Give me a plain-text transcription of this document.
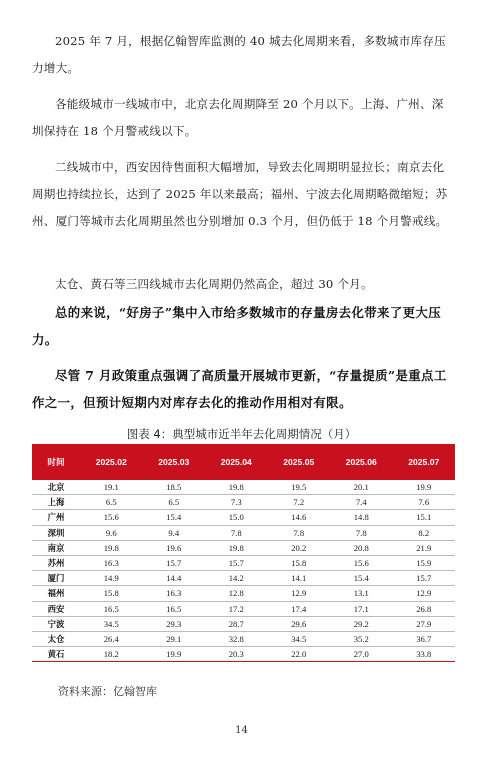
2025 年 7 月，根据亿翰智库监测的 40 城去化周期来看，多数城市库存压力增大。

各能级城市一线城市中，北京去化周期降至 20 个月以下。上海、广州、深圳保持在 18 个月警戒线以下。

二线城市中，西安因待售面积大幅增加，导致去化周期明显拉长；南京去化周期也持续拉长，达到了 2025 年以来最高；福州、宁波去化周期略微缩短；苏州、厦门等城市去化周期虽然也分别增加 0.3 个月，但仍低于 18 个月警戒线。

太仓、黄石等三四线城市去化周期仍然高企，超过 30 个月。

总的来说，“好房子”集中入市给多数城市的存量房去化带来了更大压力。

尽管 7 月政策重点强调了高质量开展城市更新，“存量提质”是重点工作之一，但预计短期内对库存去化的推动作用相对有限。

图表 4：典型城市近半年去化周期情况（月）
时间	2025.02	2025.03	2025.04	2025.05	2025.06	2025.07
北京	19.1	18.5	19.8	19.5	20.1	19.9
上海	6.5	6.5	7.3	7.2	7.4	7.6
广州	15.6	15.4	15.0	14.6	14.8	15.1
深圳	9.6	9.4	7.8	7.8	7.8	8.2
南京	19.8	19.6	19.8	20.2	20.8	21.9
苏州	16.3	15.7	15.7	15.8	15.6	15.9
厦门	14.9	14.4	14.2	14.1	15.4	15.7
福州	15.8	16.3	12.8	12.9	13.1	12.9
西安	16.5	16.5	17.2	17.4	17.1	26.8
宁波	34.5	29.3	28.7	29.6	29.2	27.9
太仓	26.4	29.1	32.8	34.5	35.2	36.7
黄石	18.2	19.9	20.3	22.0	27.0	33.8
资料来源：亿翰智库
14
